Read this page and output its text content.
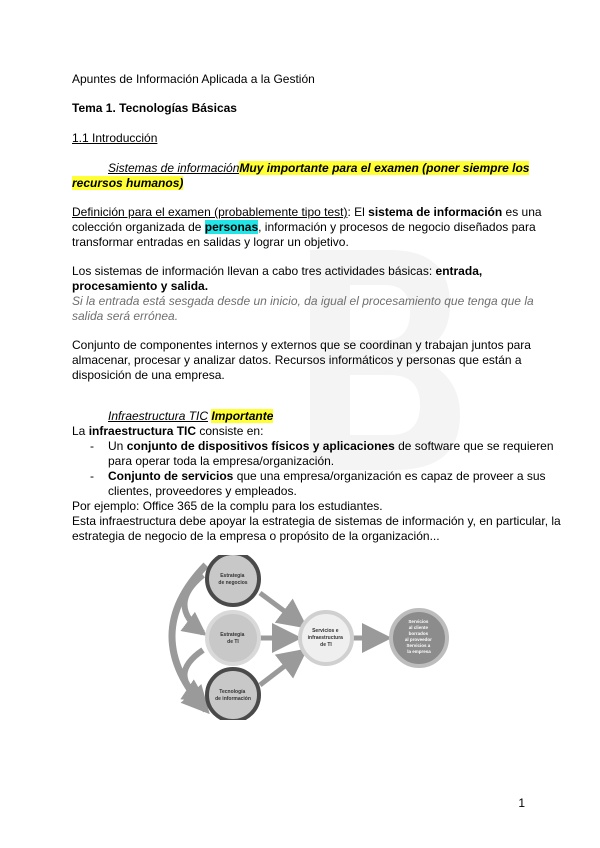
Apuntes de Información Aplicada a la Gestión
Tema 1. Tecnologías Básicas
1.1 Introducción
Sistemas de informaciónMuy importante para el examen (poner siempre los
recursos humanos)
Definición para el examen (probablemente tipo test): El sistema de información es una
colección organizada de personas, información y procesos de negocio diseñados para
transformar entradas en salidas y lograr un objetivo.
Los sistemas de información llevan a cabo tres actividades básicas: entrada,
procesamiento y salida.
Si la entrada está sesgada desde un inicio, da igual el procesamiento que tenga que la
salida será errónea.
Conjunto de componentes internos y externos que se coordinan y trabajan juntos para
almacenar, procesar y analizar datos. Recursos informáticos y personas que están a
disposición de una empresa.
Infraestructura TIC Importante
La infraestructura TIC consiste en:
- Un conjunto de dispositivos físicos y aplicaciones de software que se requieren
para operar toda la empresa/organización.
- Conjunto de servicios que una empresa/organización es capaz de proveer a sus
clientes, proveedores y empleados.
Por ejemplo: Office 365 de la complu para los estudiantes.
Esta infraestructura debe apoyar la estrategia de sistemas de información y, en particular, la
estrategia de negocio de la empresa o propósito de la organización...
Estrategia de negocios
Estrategia de TI
Tecnología de información
Servicios e infraestructura de TI
Servicios al cliente borrados al proveedor Servicios a la empresa
1
